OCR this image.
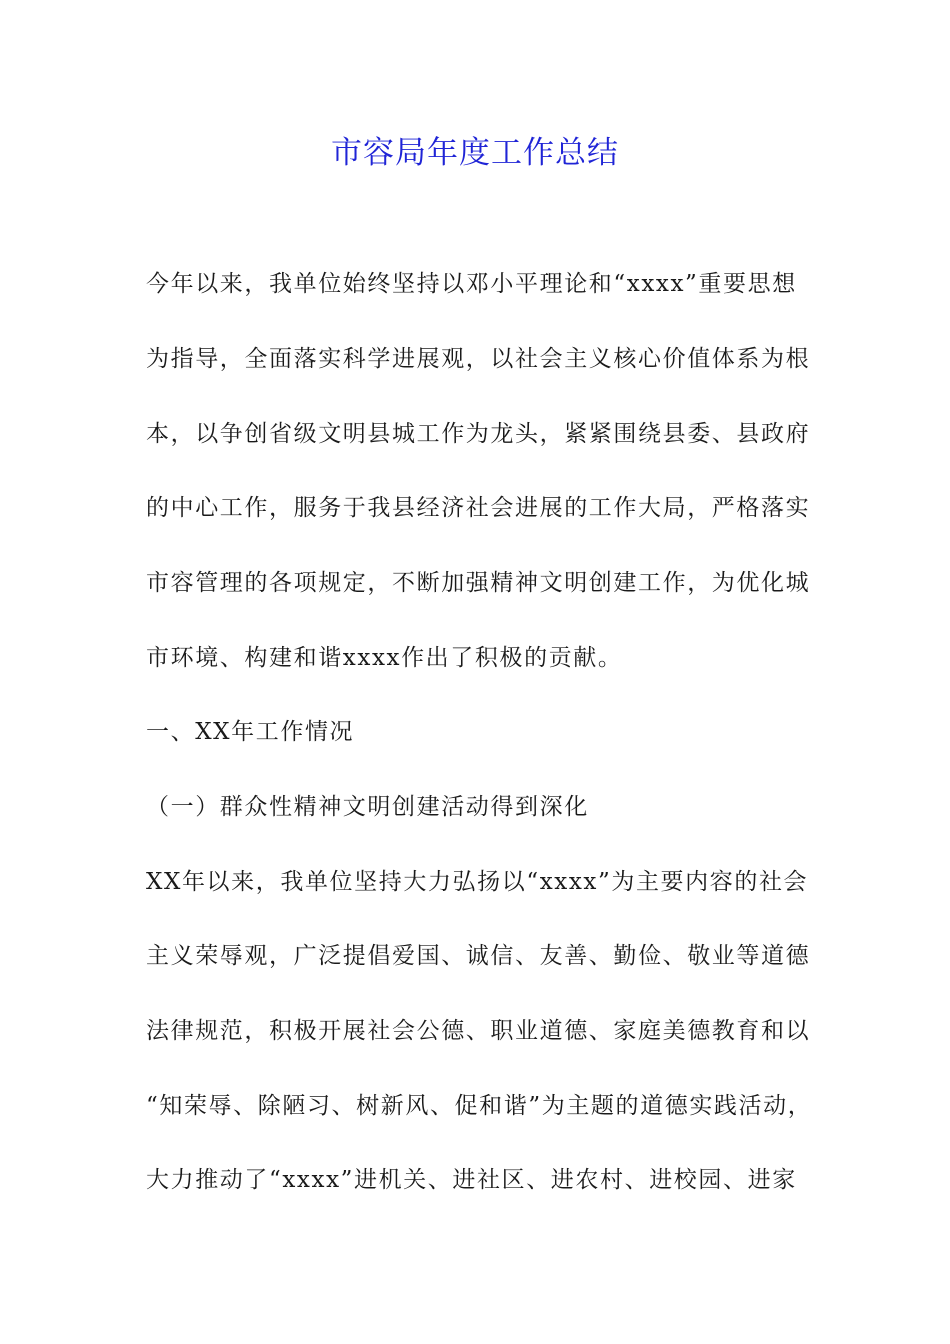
市容局年度工作总结
今年以来，我单位始终坚持以邓小平理论和“xxxx”重要思想
为指导，全面落实科学进展观，以社会主义核心价值体系为根
本，以争创省级文明县城工作为龙头，紧紧围绕县委、县政府
的中心工作，服务于我县经济社会进展的工作大局，严格落实
市容管理的各项规定，不断加强精神文明创建工作，为优化城
市环境、构建和谐xxxx作出了积极的贡献。
一、XX年工作情况
（一）群众性精神文明创建活动得到深化
XX年以来，我单位坚持大力弘扬以“xxxx”为主要内容的社会
主义荣辱观，广泛提倡爱国、诚信、友善、勤俭、敬业等道德
法律规范，积极开展社会公德、职业道德、家庭美德教育和以
“知荣辱、除陋习、树新风、促和谐”为主题的道德实践活动，
大力推动了“xxxx”进机关、进社区、进农村、进校园、进家
